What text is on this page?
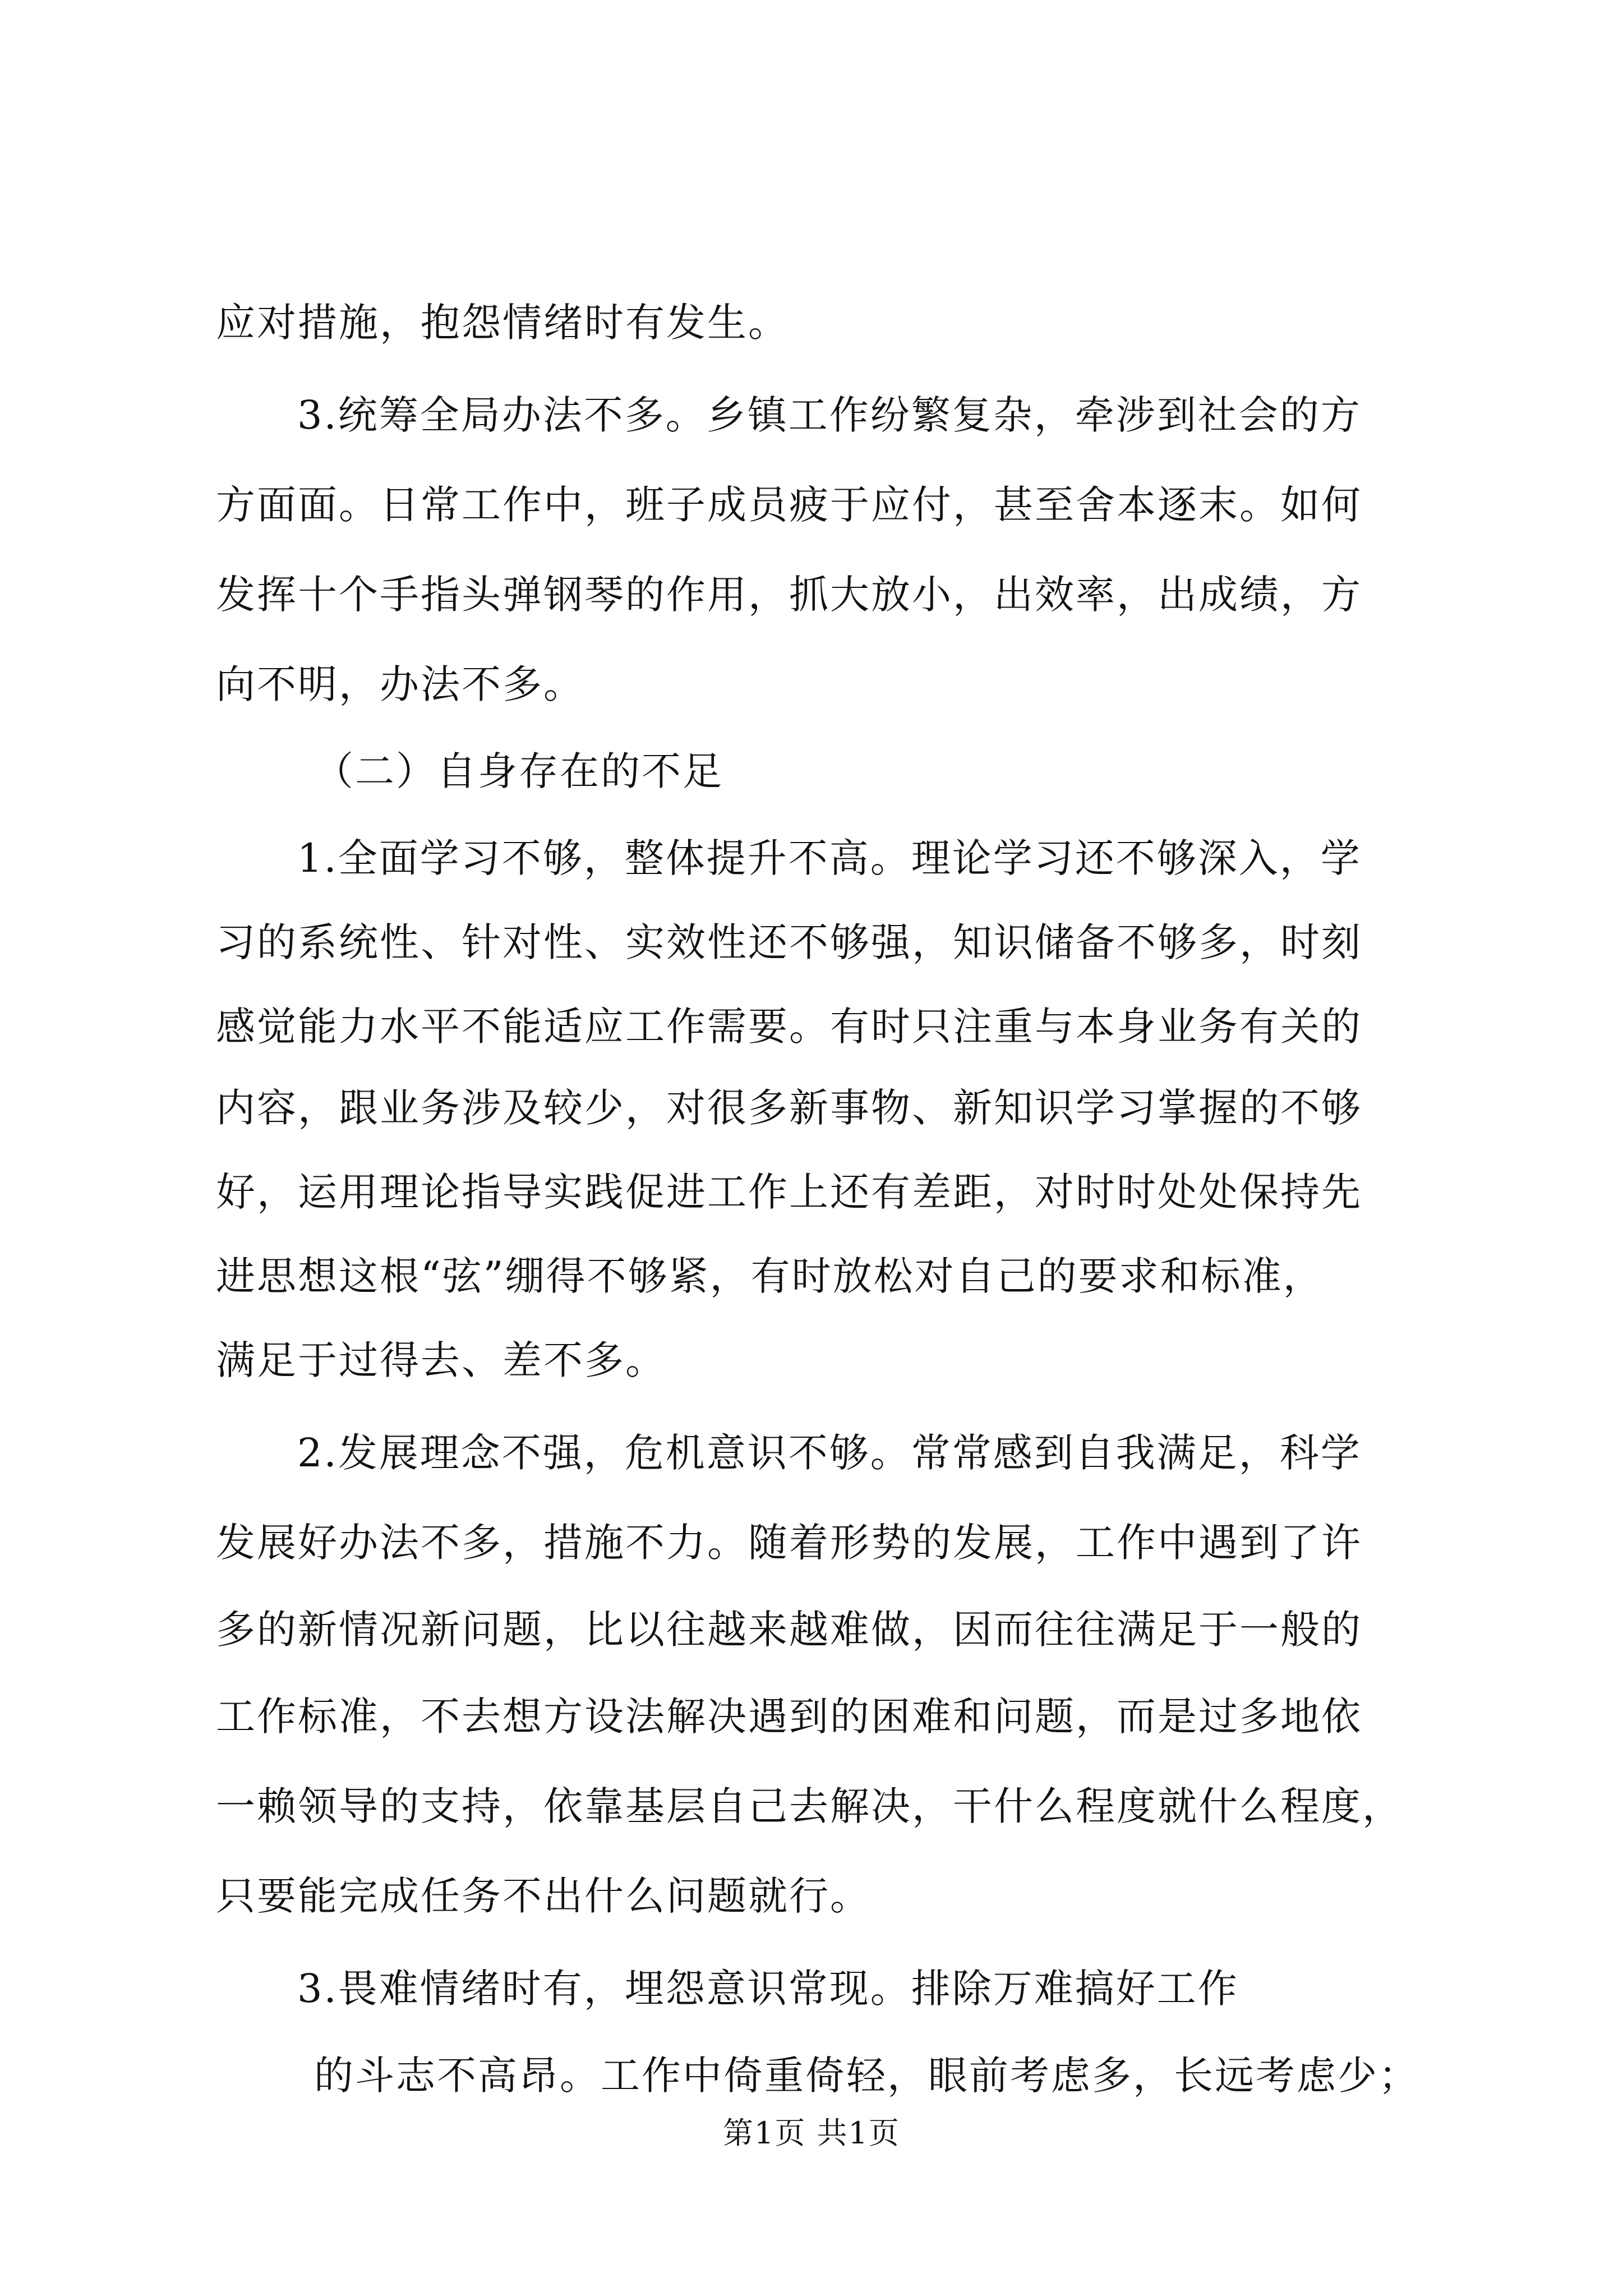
应对措施，抱怨情绪时有发生。

3.统筹全局办法不多。乡镇工作纷繁复杂，牵涉到社会的方

方面面。日常工作中，班子成员疲于应付，甚至舍本逐末。如何

发挥十个手指头弹钢琴的作用，抓大放小，出效率，出成绩，方

向不明，办法不多。

（二）自身存在的不足

1.全面学习不够，整体提升不高。理论学习还不够深入，学

习的系统性、针对性、实效性还不够强，知识储备不够多，时刻

感觉能力水平不能适应工作需要。有时只注重与本身业务有关的

内容，跟业务涉及较少，对很多新事物、新知识学习掌握的不够

好，运用理论指导实践促进工作上还有差距，对时时处处保持先

进思想这根“弦”绷得不够紧，有时放松对自己的要求和标准，

满足于过得去、差不多。

2.发展理念不强，危机意识不够。常常感到自我满足，科学

发展好办法不多，措施不力。随着形势的发展，工作中遇到了许

多的新情况新问题，比以往越来越难做，因而往往满足于一般的

工作标准，不去想方设法解决遇到的困难和问题，而是过多地依

一赖领导的支持，依靠基层自己去解决，干什么程度就什么程度，

只要能完成任务不出什么问题就行。

3.畏难情绪时有，埋怨意识常现。排除万难搞好工作

的斗志不高昂。工作中倚重倚轻，眼前考虑多，长远考虑少；

第1页 共1页
